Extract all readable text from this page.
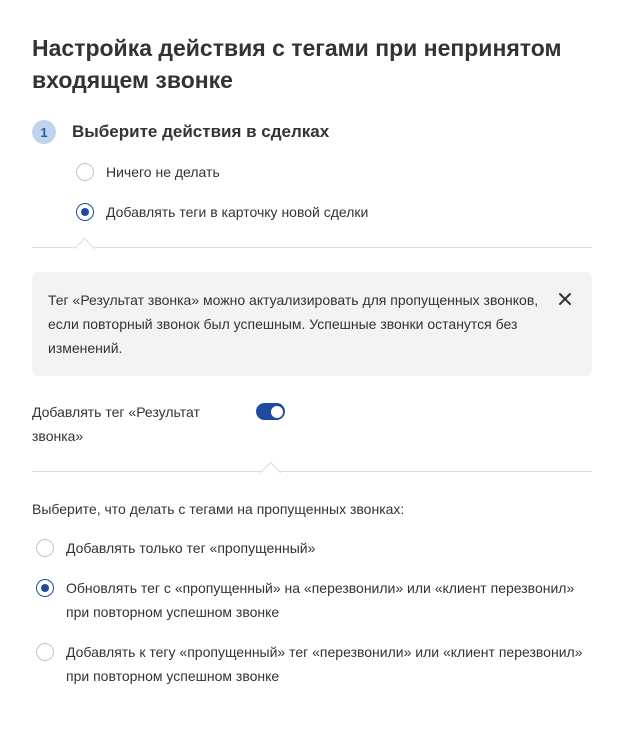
Настройка действия с тегами при непринятом входящем звонке
1	Выберите действия в сделках
Ничего не делать
Добавлять теги в карточку новой сделки
Тег «Результат звонка» можно актуализировать для пропущенных звонков, если повторный звонок был успешным. Успешные звонки останутся без изменений.
Добавлять тег «Результат звонка»
Выберите, что делать с тегами на пропущенных звонках:
Добавлять только тег «пропущенный»
Обновлять тег с «пропущенный» на «перезвонили» или «клиент перезвонил» при повторном успешном звонке
Добавлять к тегу «пропущенный» тег «перезвонили» или «клиент перезвонил» при повторном успешном звонке
